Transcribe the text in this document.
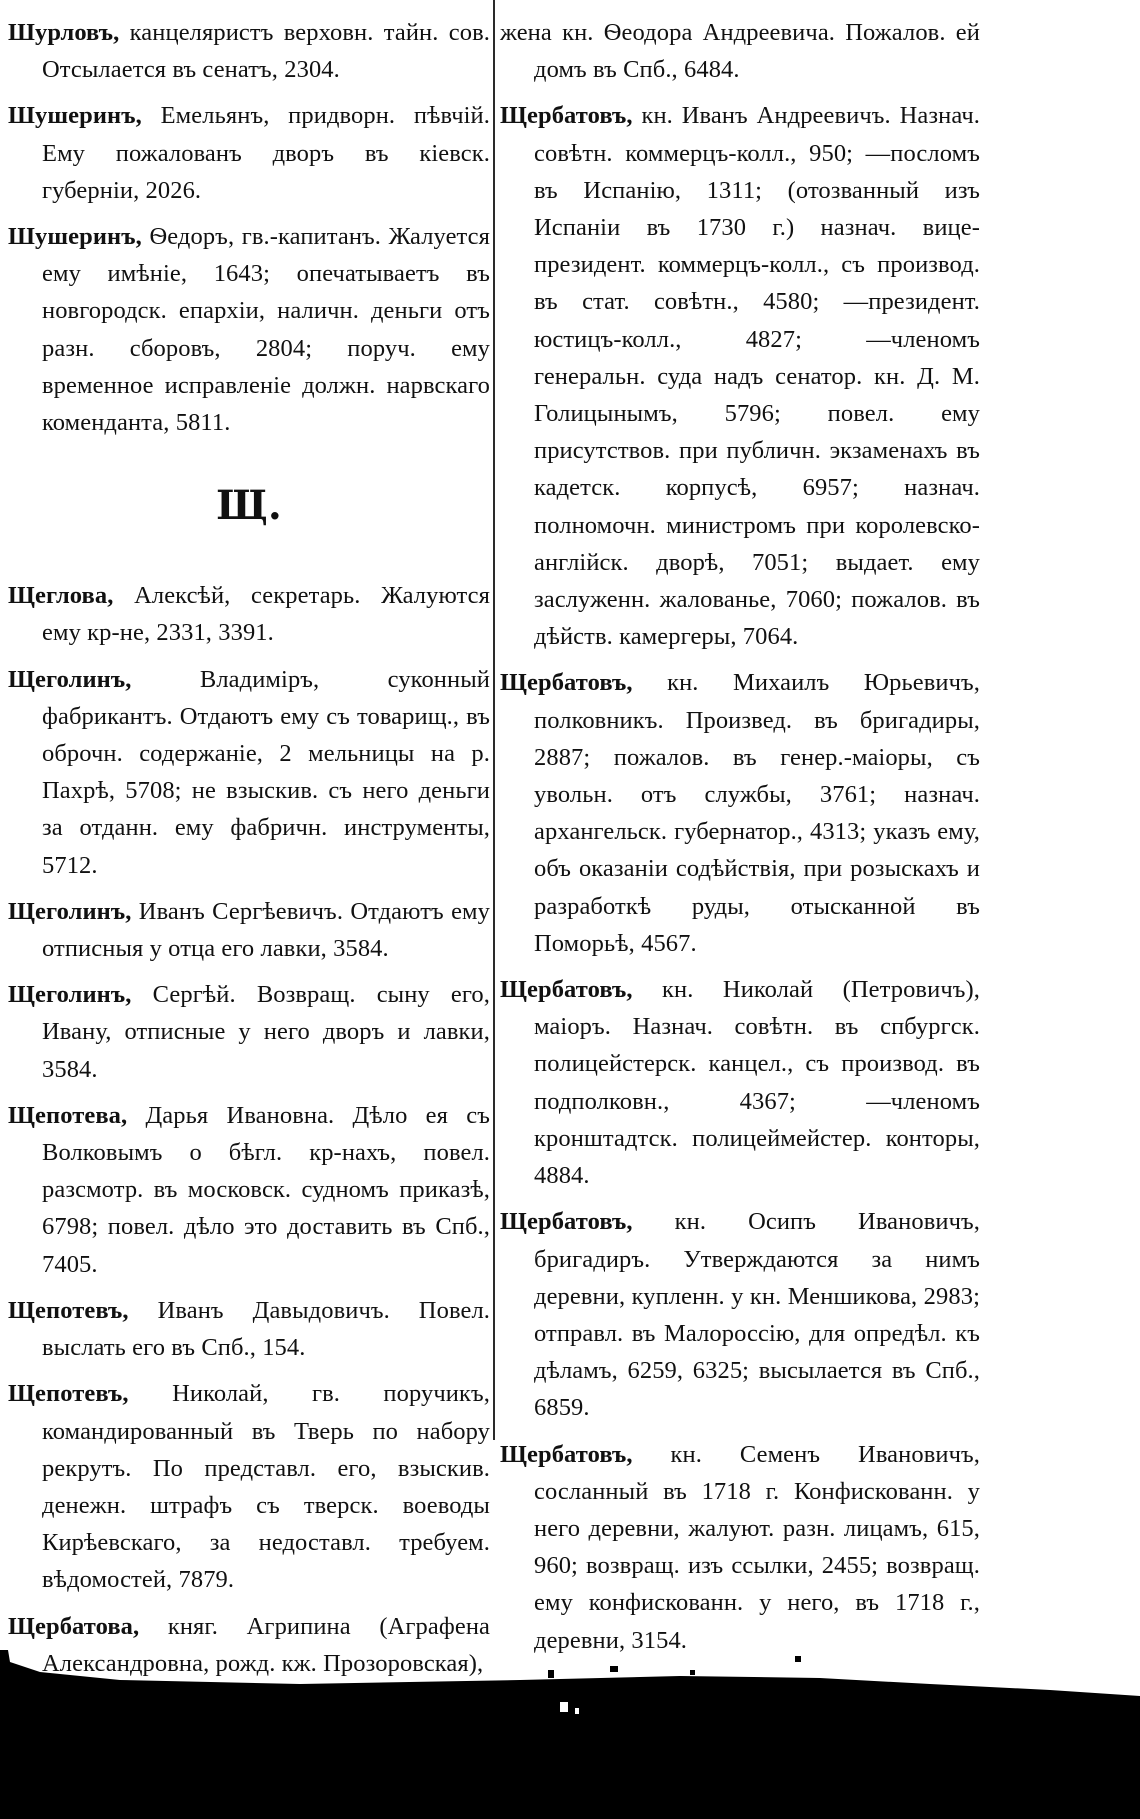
Шурловъ, канцеляристъ верховн. тайн. сов. Отсылается въ сенатъ, 2304.
Шушеринъ, Емельянъ, придворн. пѣвчій. Ему пожалованъ дворъ въ кіевск. губерніи, 2026.
Шушеринъ, Ѳедоръ, гв.-капитанъ. Жалуется ему имѣніе, 1643; опечатываетъ въ новгородск. епархіи, наличн. деньги отъ разн. сборовъ, 2804; поруч. ему временное исправленіе должн. нарвскаго коменданта, 5811.
Щ.
Щеглова, Алексѣй, секретарь. Жалуются ему кр-не, 2331, 3391.
Щеголинъ, Владиміръ, суконный фабрикантъ. Отдаютъ ему съ товарищ., въ оброчн. содержаніе, 2 мельницы на р. Пахрѣ, 5708; не взыскив. съ него деньги за отданн. ему фабричн. инструменты, 5712.
Щеголинъ, Иванъ Сергѣевичъ. Отдаютъ ему отписныя у отца его лавки, 3584.
Щеголинъ, Сергѣй. Возвращ. сыну его, Ивану, отписные у него дворъ и лавки, 3584.
Щепотева, Дарья Ивановна. Дѣло ея съ Волковымъ о бѣгл. кр-нахъ, повел. разсмотр. въ московск. судномъ приказѣ, 6798; повел. дѣло это доставить въ Спб., 7405.
Щепотевъ, Иванъ Давыдовичъ. Повел. выслать его въ Спб., 154.
Щепотевъ, Николай, гв. поручикъ, командированный въ Тверь по набору рекрутъ. По представл. его, взыскив. денежн. штрафъ съ тверск. воеводы Кирѣевскаго, за недоставл. требуем. вѣдомостей, 7879.
Щербатова, княг. Агрипина (Аграфена Александровна, рожд. кж. Прозоровская),
жена кн. Ѳеодора Андреевича. Пожалов. ей домъ въ Спб., 6484.
Щербатовъ, кн. Иванъ Андреевичъ. Назнач. совѣтн. коммерцъ-колл., 950; —посломъ въ Испанію, 1311; (отозванный изъ Испаніи въ 1730 г.) назнач. вице-президент. коммерцъ-колл., съ производ. въ стат. совѣтн., 4580; —президент. юстицъ-колл., 4827; —членомъ генеральн. суда надъ сенатор. кн. Д. М. Голицынымъ, 5796; повел. ему присутствов. при публичн. экзаменахъ въ кадетск. корпусѣ, 6957; назнач. полномочн. министромъ при королевско-англійск. дворѣ, 7051; выдает. ему заслуженн. жалованье, 7060; пожалов. въ дѣйств. камергеры, 7064.
Щербатовъ, кн. Михаилъ Юрьевичъ, полковникъ. Произвед. въ бригадиры, 2887; пожалов. въ генер.-маіоры, съ увольн. отъ службы, 3761; назнач. архангельск. губернатор., 4313; указъ ему, объ оказаніи содѣйствія, при розыскахъ и разработкѣ руды, отысканной въ Поморьѣ, 4567.
Щербатовъ, кн. Николай (Петровичъ), маіоръ. Назнач. совѣтн. въ спбургск. полицейстерск. канцел., съ производ. въ подполковн., 4367; —членомъ кронштадтск. полицеймейстер. конторы, 4884.
Щербатовъ, кн. Осипъ Ивановичъ, бригадиръ. Утверждаются за нимъ деревни, купленн. у кн. Меншикова, 2983; отправл. въ Малороссію, для опредѣл. къ дѣламъ, 6259, 6325; высылается въ Спб., 6859.
Щербатовъ, кн. Семенъ Ивановичъ, сосланный въ 1718 г. Конфискованн. у него деревни, жалуют. разн. лицамъ, 615, 960; возвращ. изъ ссылки, 2455; возвращ. ему конфискованн. у него, въ 1718 г., деревни, 3154.
